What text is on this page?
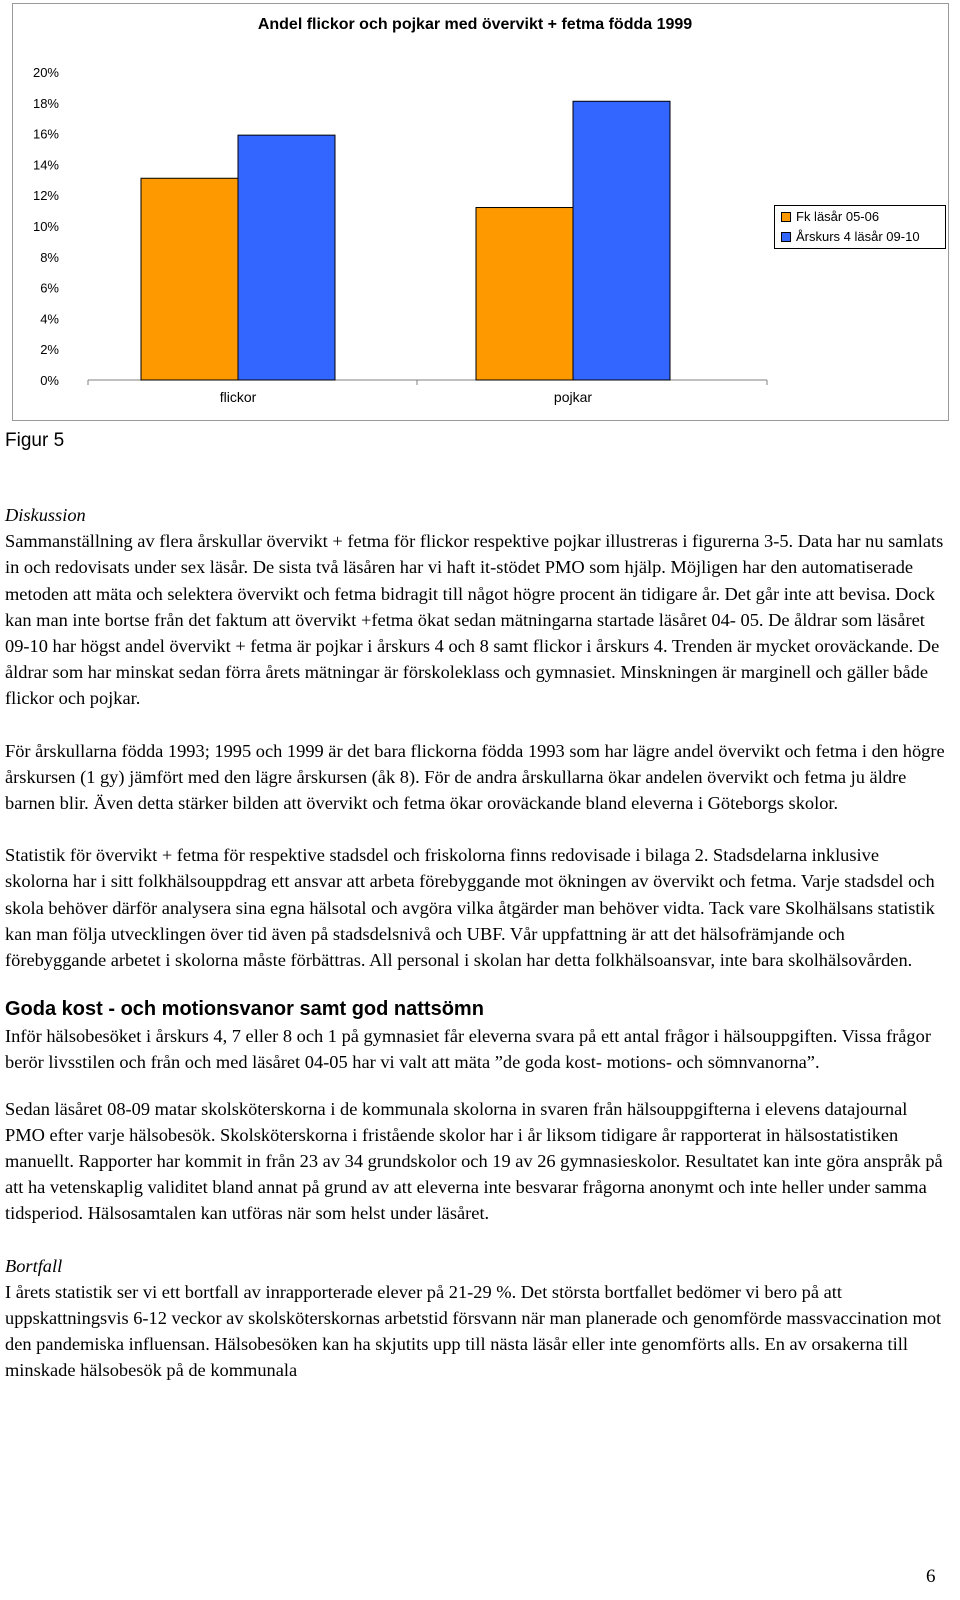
Andel flickor och pojkar med övervikt + fetma födda 1999
20%
18%
16%
14%
12%
10%
8%
6%
4%
2%
0%
flickor	pojkar
Fk läsår 05-06
Årskurs 4 läsår 09-10

Figur 5

Diskussion

Sammanställning av flera årskullar övervikt + fetma för flickor respektive pojkar illustreras i figurerna 3-5. Data har nu samlats in och redovisats under sex läsår. De sista två läsåren har vi haft it-stödet PMO som hjälp. Möjligen har den automatiserade metoden att mäta och selektera övervikt och fetma bidragit till något högre procent än tidigare år. Det går inte att bevisa. Dock kan man inte bortse från det faktum att övervikt +fetma ökat sedan mätningarna startade läsåret 04- 05. De åldrar som läsåret 09-10 har högst andel övervikt + fetma är pojkar i årskurs 4 och 8 samt flickor i årskurs 4. Trenden är mycket oroväckande. De åldrar som har minskat sedan förra årets mätningar är förskoleklass och gymnasiet. Minskningen är marginell och gäller både flickor och pojkar.

För årskullarna födda 1993; 1995 och 1999 är det bara flickorna födda 1993 som har lägre andel övervikt och fetma i den högre årskursen (1 gy) jämfört med den lägre årskursen (åk 8). För de andra årskullarna ökar andelen övervikt och fetma ju äldre barnen blir. Även detta stärker bilden att övervikt och fetma ökar oroväckande bland eleverna i Göteborgs skolor.

Statistik för övervikt + fetma för respektive stadsdel och friskolorna finns redovisade i bilaga 2. Stadsdelarna inklusive skolorna har i sitt folkhälsouppdrag ett ansvar att arbeta förebyggande mot ökningen av övervikt och fetma. Varje stadsdel och skola behöver därför analysera sina egna hälsotal och avgöra vilka åtgärder man behöver vidta. Tack vare Skolhälsans statistik kan man följa utvecklingen över tid även på stadsdelsnivå och UBF. Vår uppfattning är att det hälsofrämjande och förebyggande arbetet i skolorna måste förbättras. All personal i skolan har detta folkhälsoansvar, inte bara skolhälsovården.

Goda kost - och motionsvanor samt god nattsömn

Inför hälsobesöket i årskurs 4, 7 eller 8 och 1 på gymnasiet får eleverna svara på ett antal frågor i hälsouppgiften. Vissa frågor berör livsstilen och från och med läsåret 04-05 har vi valt att mäta ”de goda kost- motions- och sömnvanorna”.

Sedan läsåret 08-09 matar skolsköterskorna i de kommunala skolorna in svaren från hälsouppgifterna i elevens datajournal PMO efter varje hälsobesök. Skolsköterskorna i fristående skolor har i år liksom tidigare år rapporterat in hälsostatistiken manuellt. Rapporter har kommit in från 23 av 34 grundskolor och 19 av 26 gymnasieskolor. Resultatet kan inte göra anspråk på att ha vetenskaplig validitet bland annat på grund av att eleverna inte besvarar frågorna anonymt och inte heller under samma tidsperiod. Hälsosamtalen kan utföras när som helst under läsåret.

Bortfall

I årets statistik ser vi ett bortfall av inrapporterade elever på 21-29 %. Det största bortfallet bedömer vi bero på att uppskattningsvis 6-12 veckor av skolsköterskornas arbetstid försvann när man planerade och genomförde massvaccination mot den pandemiska influensan. Hälsobesöken kan ha skjutits upp till nästa läsår eller inte genomförts alls. En av orsakerna till minskade hälsobesök på de kommunala

6
